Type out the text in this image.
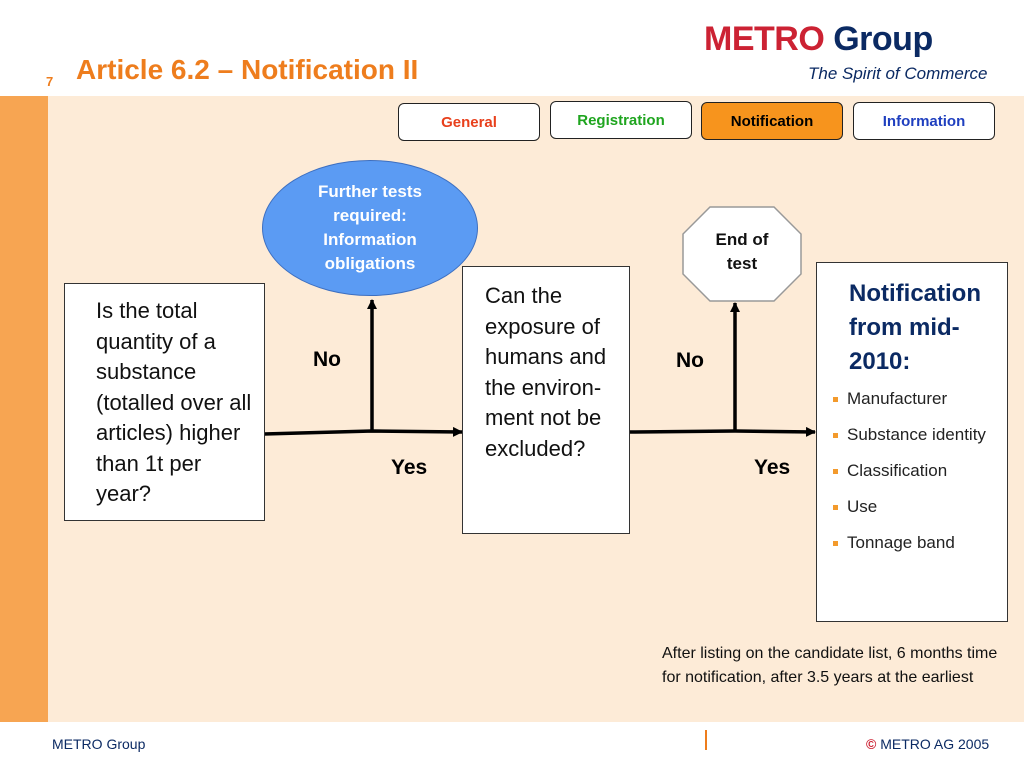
7 Article 6.2 – Notification II
METRO Group
The Spirit of Commerce
General	Registration	Notification	Information
Is the total quantity of a substance (totalled over all articles) higher than 1t per year?
Further tests
required:
Information
obligations
Can the exposure of humans and the environ-ment not be excluded?
End of test
No
Yes
No
Yes
Notification from mid-2010:
Manufacturer
Substance identity
Classification
Use
Tonnage band
After listing on the candidate list, 6 months time for notification, after 3.5 years at the earliest
METRO Group	© METRO AG 2005
